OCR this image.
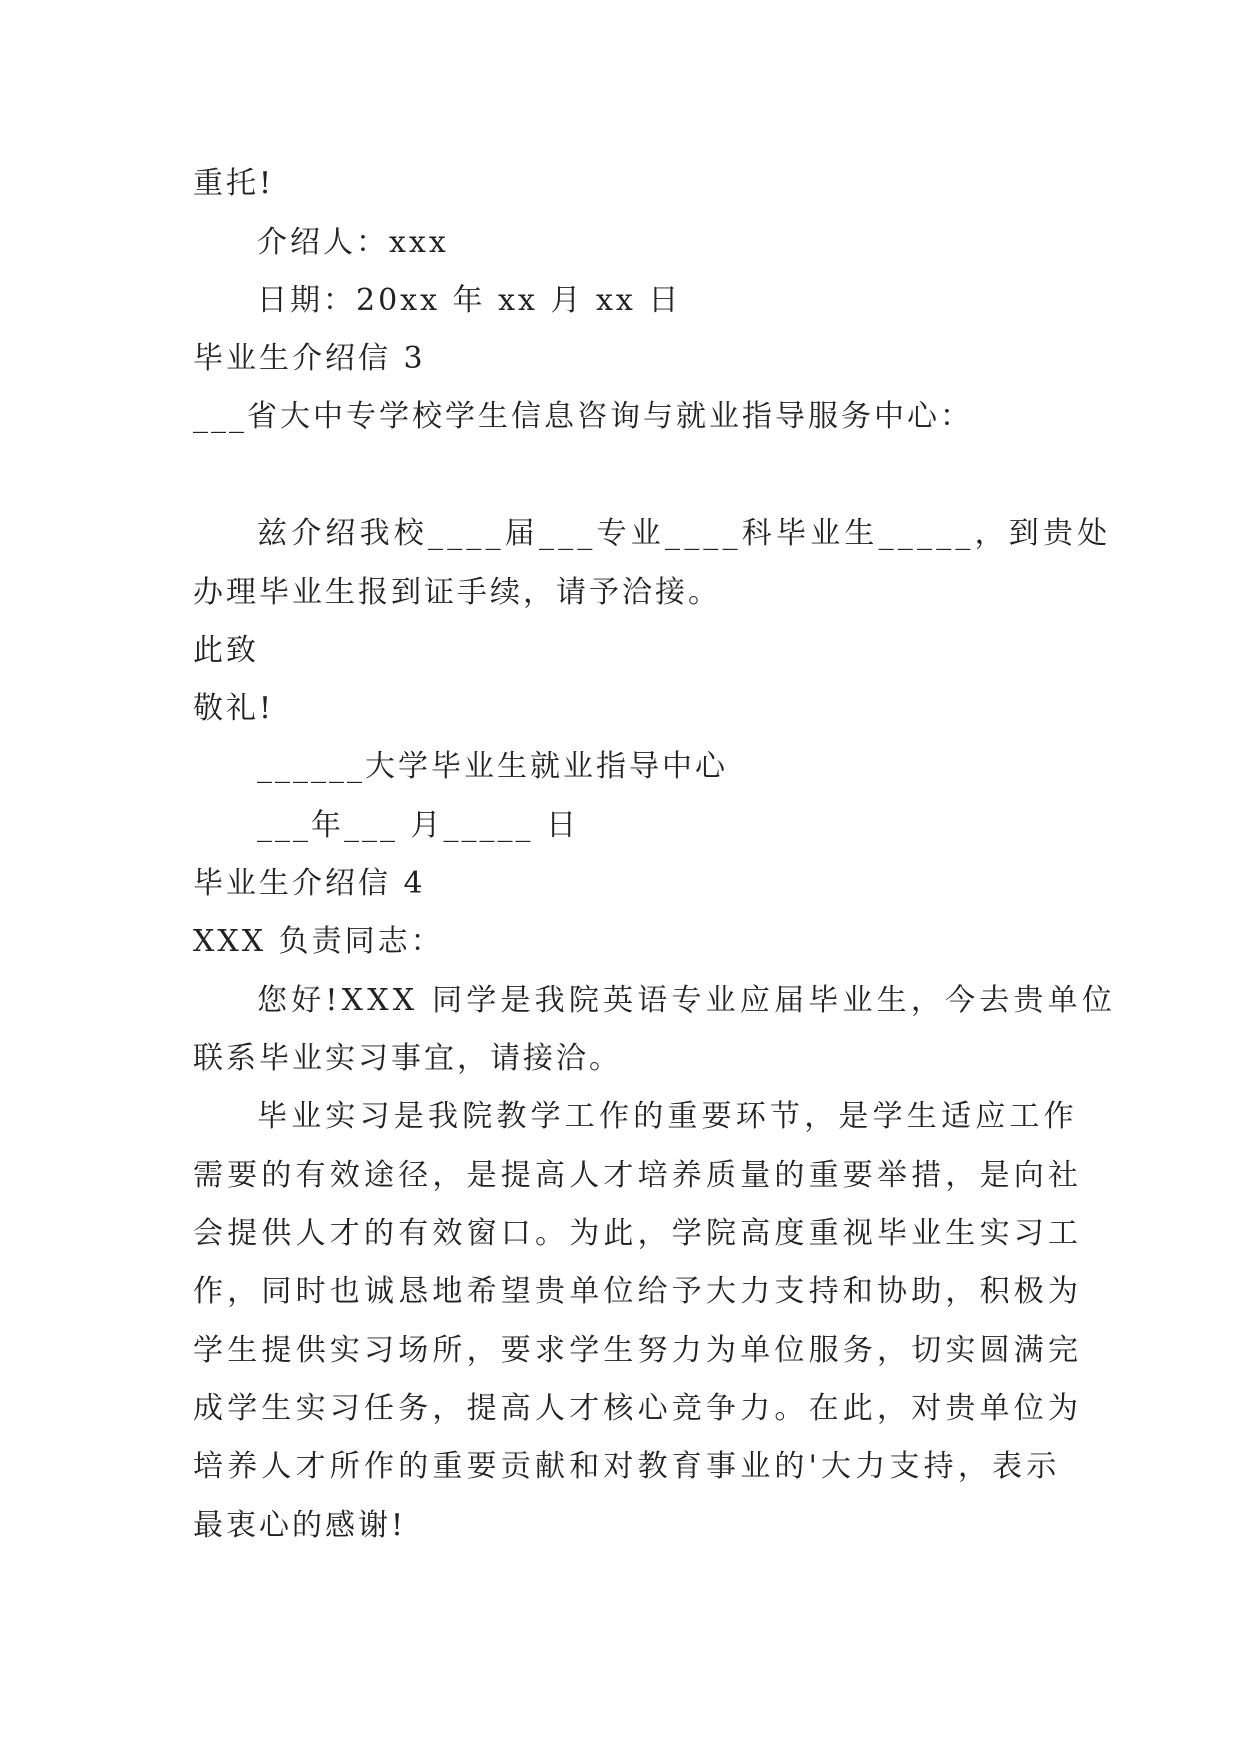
重托!
介绍人：xxx
日期：20xx 年 xx 月 xx 日
毕业生介绍信 3
___省大中专学校学生信息咨询与就业指导服务中心：
兹介绍我校____届___专业____科毕业生_____，到贵处
办理毕业生报到证手续，请予洽接。
此致
敬礼!
______大学毕业生就业指导中心
___年___ 月_____ 日
毕业生介绍信 4
XXX 负责同志：
您好!XXX 同学是我院英语专业应届毕业生，今去贵单位
联系毕业实习事宜，请接洽。
毕业实习是我院教学工作的重要环节，是学生适应工作
需要的有效途径，是提高人才培养质量的重要举措，是向社
会提供人才的有效窗口。为此，学院高度重视毕业生实习工
作，同时也诚恳地希望贵单位给予大力支持和协助，积极为
学生提供实习场所，要求学生努力为单位服务，切实圆满完
成学生实习任务，提高人才核心竞争力。在此，对贵单位为
培养人才所作的重要贡献和对教育事业的'大力支持，表示
最衷心的感谢!
